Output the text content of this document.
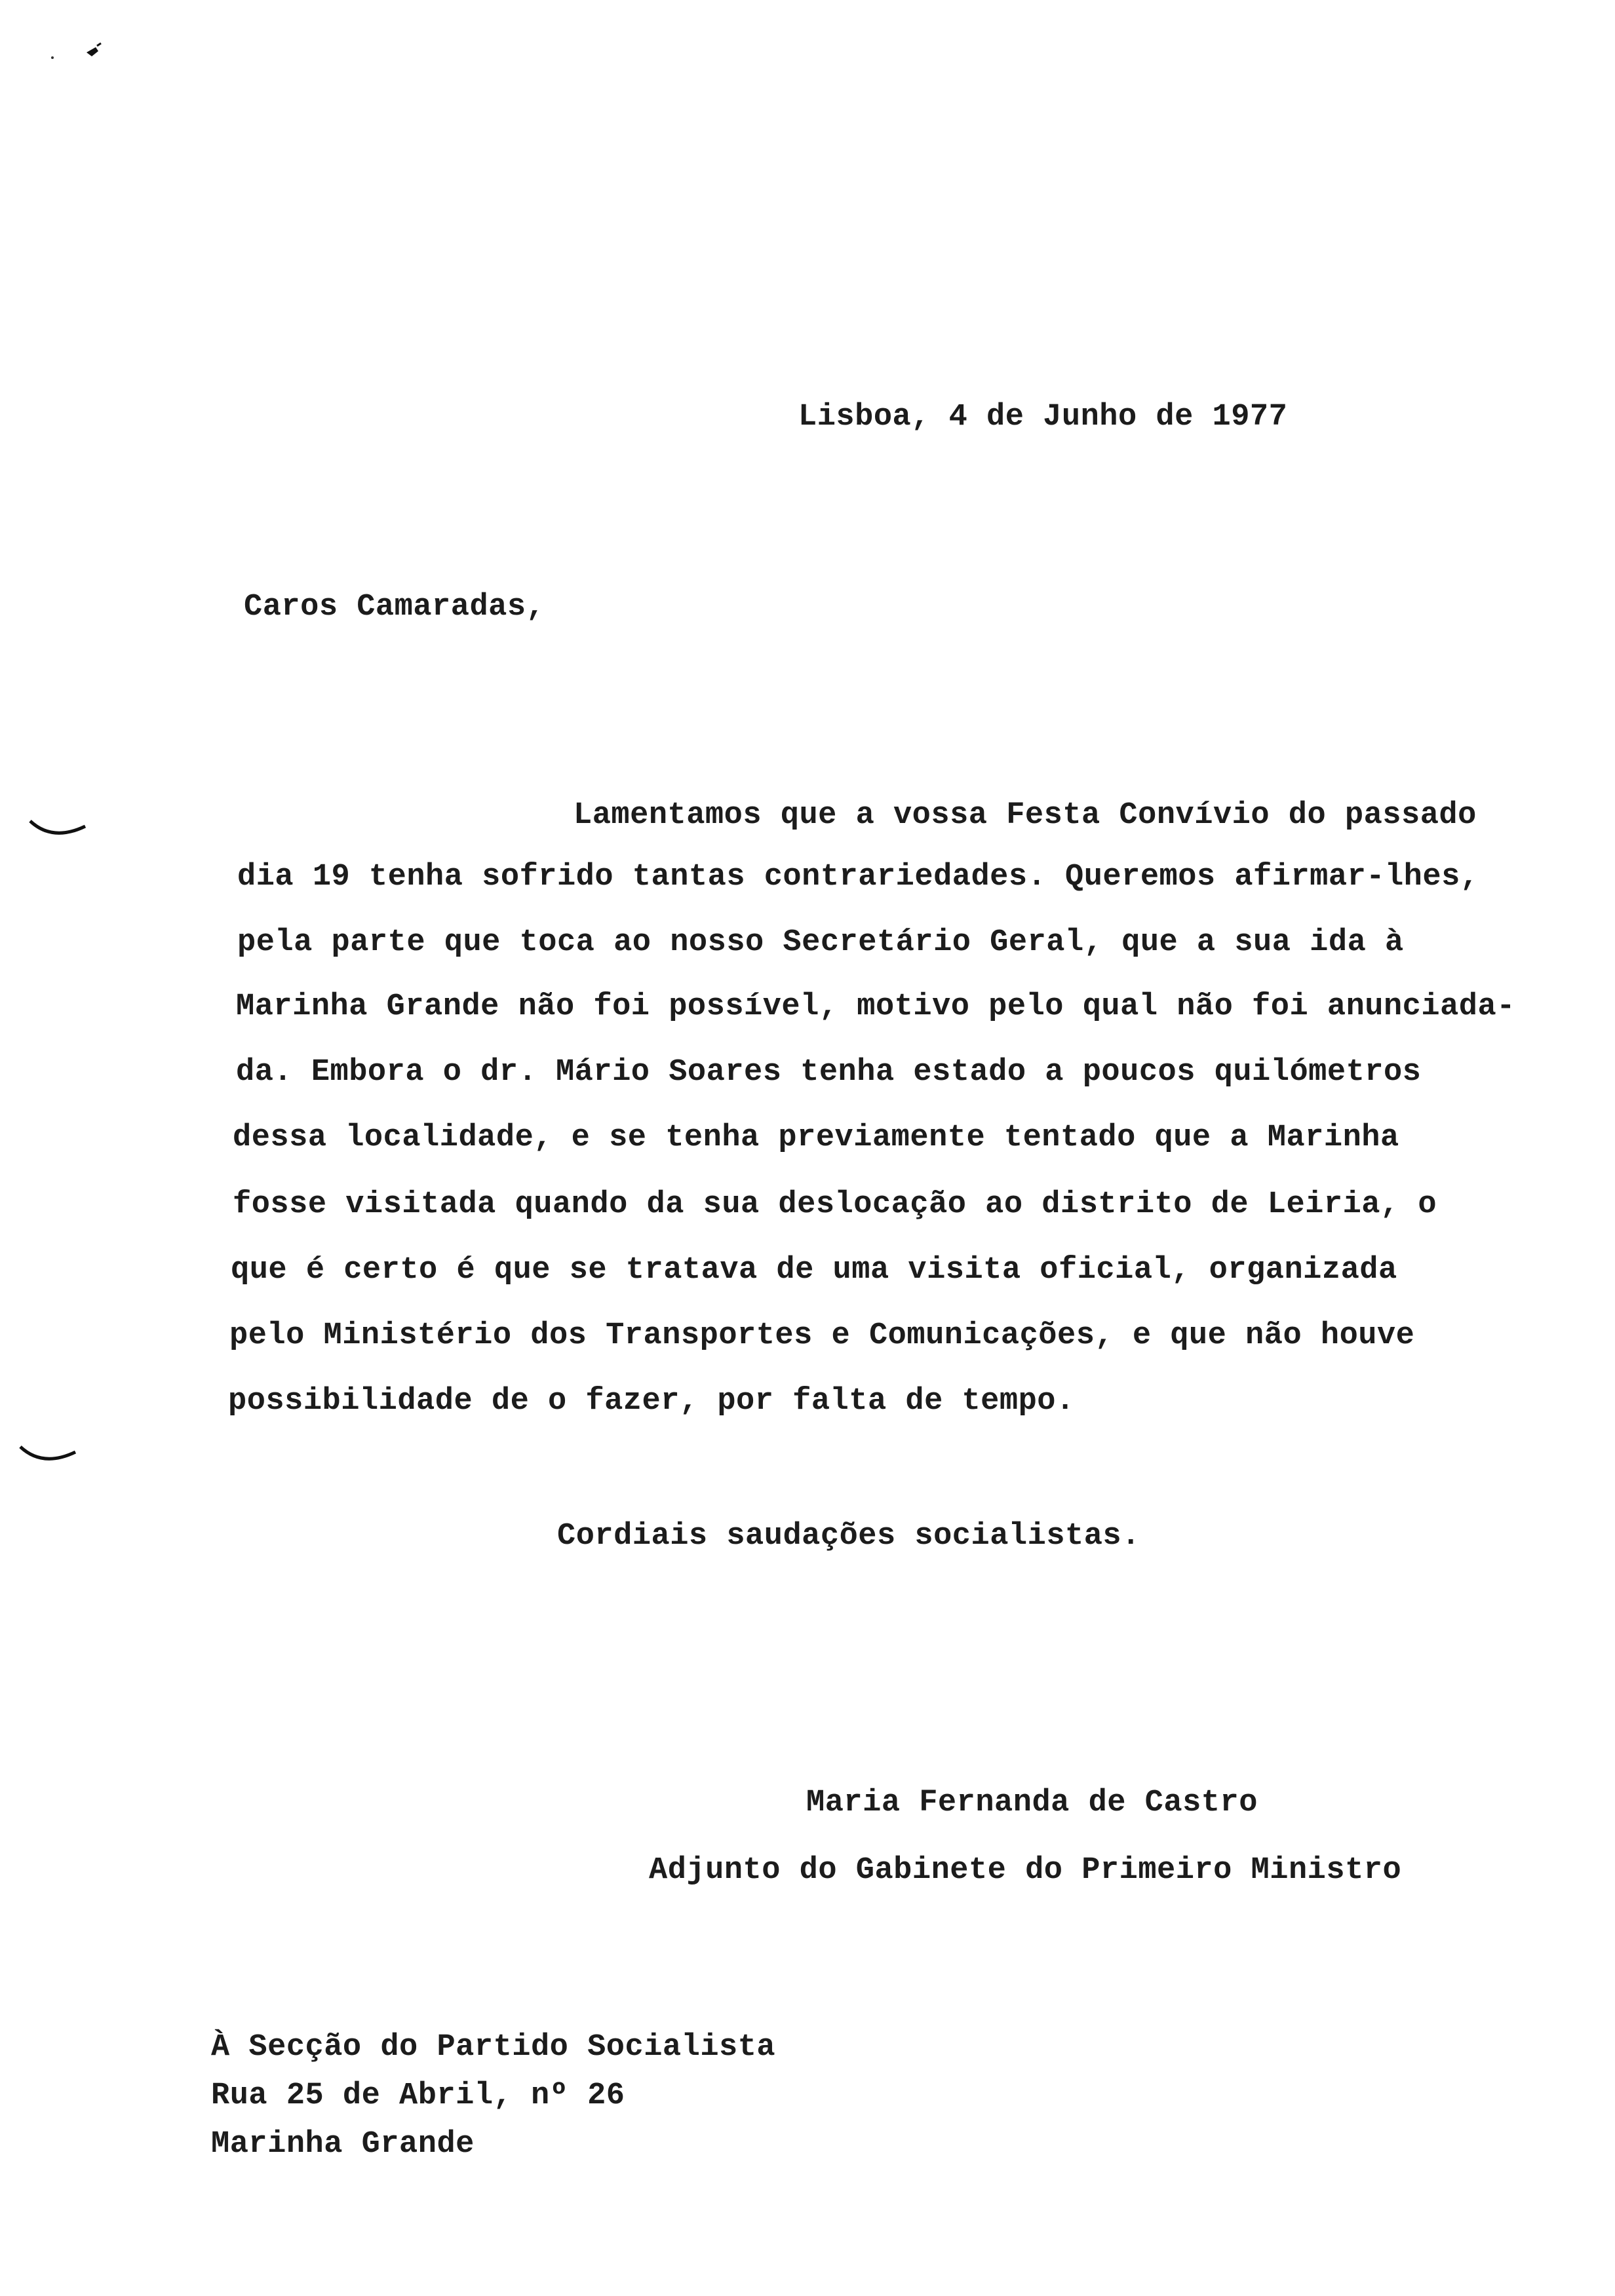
Lisboa, 4 de Junho de 1977
Caros Camaradas,
Lamentamos que a vossa Festa Convívio do passado
dia 19 tenha sofrido tantas contrariedades. Queremos afirmar-lhes,
pela parte que toca ao nosso Secretário Geral, que a sua ida à
Marinha Grande não foi possível, motivo pelo qual não foi anunciada-
da. Embora o dr. Mário Soares tenha estado a poucos quilómetros
dessa localidade, e se tenha previamente tentado que a Marinha
fosse visitada quando da sua deslocação ao distrito de Leiria, o
que é certo é que se tratava de uma visita oficial, organizada
pelo Ministério dos Transportes e Comunicações, e que não houve
possibilidade de o fazer, por falta de tempo.
Cordiais saudações socialistas.
Maria Fernanda de Castro
Adjunto do Gabinete do Primeiro Ministro
À Secção do Partido Socialista
Rua 25 de Abril, nº 26
Marinha Grande
